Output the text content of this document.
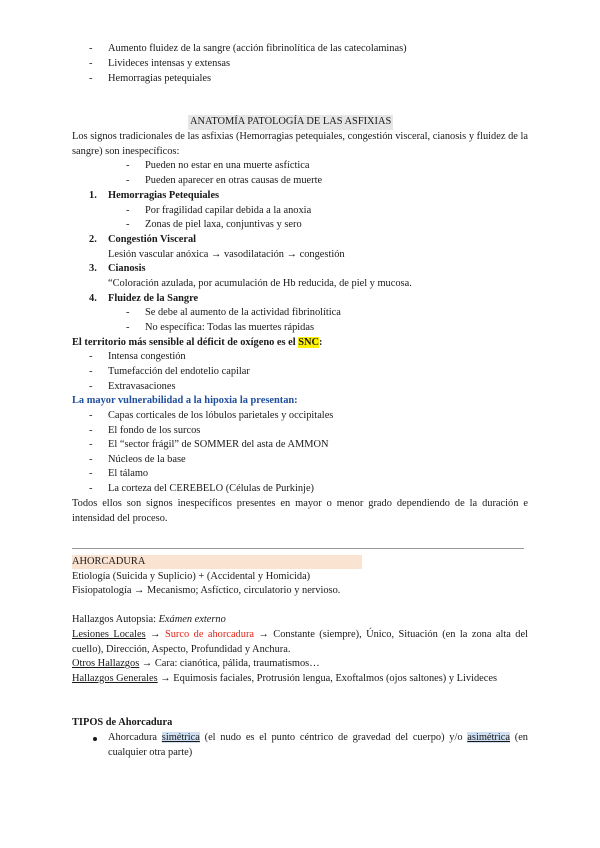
- Aumento fluidez de la sangre (acción fibrinolítica de las catecolaminas)
- Livideces intensas y extensas
- Hemorragias petequiales
ANATOMÍA PATOLOGÍA DE LAS ASFIXIAS
Los signos tradicionales de las asfixias (Hemorragias petequiales, congestión visceral, cianosis y fluidez de la sangre) son inespecíficos:
- Pueden no estar en una muerte asfíctica
- Pueden aparecer en otras causas de muerte
1. Hemorragias Petequiales
- Por fragilidad capilar debida a la anoxia
- Zonas de piel laxa, conjuntivas y sero
2. Congestión Visceral
Lesión vascular anóxica → vasodilatación → congestión
3. Cianosis
“Coloración azulada, por acumulación de Hb reducida, de piel y mucosa.
4. Fluidez de la Sangre
- Se debe al aumento de la actividad fibrinolítica
- No específica: Todas las muertes rápidas
El territorio más sensible al déficit de oxígeno es el SNC:
- Intensa congestión
- Tumefacción del endotelio capilar
- Extravasaciones
La mayor vulnerabilidad a la hipoxia la presentan:
- Capas corticales de los lóbulos parietales y occipitales
- El fondo de los surcos
- El “sector frágil” de SOMMER del asta de AMMON
- Núcleos de la base
- El tálamo
- La corteza del CEREBELO (Células de Purkinje)
Todos ellos son signos inespecíficos presentes en mayor o menor grado dependiendo de la duración e intensidad del proceso.
AHORCADURA
Etiología (Suicida y Suplicio) + (Accidental y Homicida)
Fisiopatología → Mecanismo; Asfíctico, circulatorio y nervioso.
Hallazgos Autopsia: Exámen externo
Lesiones Locales → Surco de ahorcadura → Constante (siempre), Único, Situación (en la zona alta del cuello), Dirección, Aspecto, Profundidad y Anchura.
Otros Hallazgos → Cara: cianótica, pálida, traumatismos…
Hallazgos Generales → Equimosis faciales, Protrusión lengua, Exoftalmos (ojos saltones) y Livideces
TIPOS de Ahorcadura
Ahorcadura simétrica (el nudo es el punto céntrico de gravedad del cuerpo) y/o asimétrica (en cualquier otra parte)
